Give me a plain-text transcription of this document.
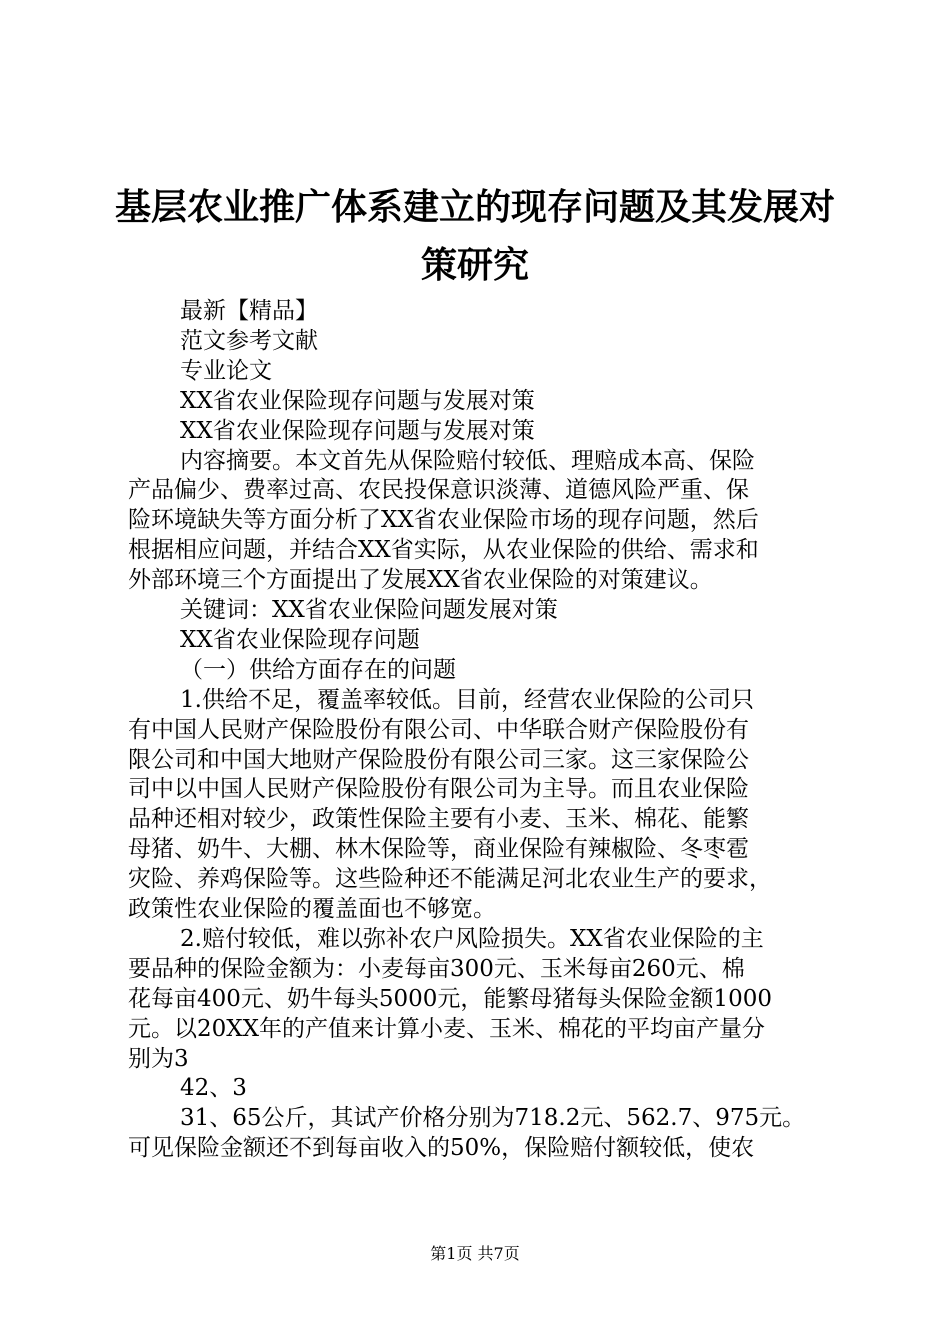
基层农业推广体系建立的现存问题及其发展对
策研究
最新【精品】
范文参考文献
专业论文
XX省农业保险现存问题与发展对策
XX省农业保险现存问题与发展对策
内容摘要。本文首先从保险赔付较低、理赔成本高、保险
产品偏少、费率过高、农民投保意识淡薄、道德风险严重、保
险环境缺失等方面分析了XX省农业保险市场的现存问题，然后
根据相应问题，并结合XX省实际，从农业保险的供给、需求和
外部环境三个方面提出了发展XX省农业保险的对策建议。
关键词：XX省农业保险问题发展对策
XX省农业保险现存问题
（一）供给方面存在的问题
1.供给不足，覆盖率较低。目前，经营农业保险的公司只
有中国人民财产保险股份有限公司、中华联合财产保险股份有
限公司和中国大地财产保险股份有限公司三家。这三家保险公
司中以中国人民财产保险股份有限公司为主导。而且农业保险
品种还相对较少，政策性保险主要有小麦、玉米、棉花、能繁
母猪、奶牛、大棚、林木保险等，商业保险有辣椒险、冬枣雹
灾险、养鸡保险等。这些险种还不能满足河北农业生产的要求，
政策性农业保险的覆盖面也不够宽。
2.赔付较低，难以弥补农户风险损失。XX省农业保险的主
要品种的保险金额为：小麦每亩300元、玉米每亩260元、棉
花每亩400元、奶牛每头5000元，能繁母猪每头保险金额1000
元。以20XX年的产值来计算小麦、玉米、棉花的平均亩产量分
别为3
42、3
31、65公斤，其试产价格分别为718.2元、562.7、975元。
可见保险金额还不到每亩收入的50%，保险赔付额较低，使农
第1页 共7页
